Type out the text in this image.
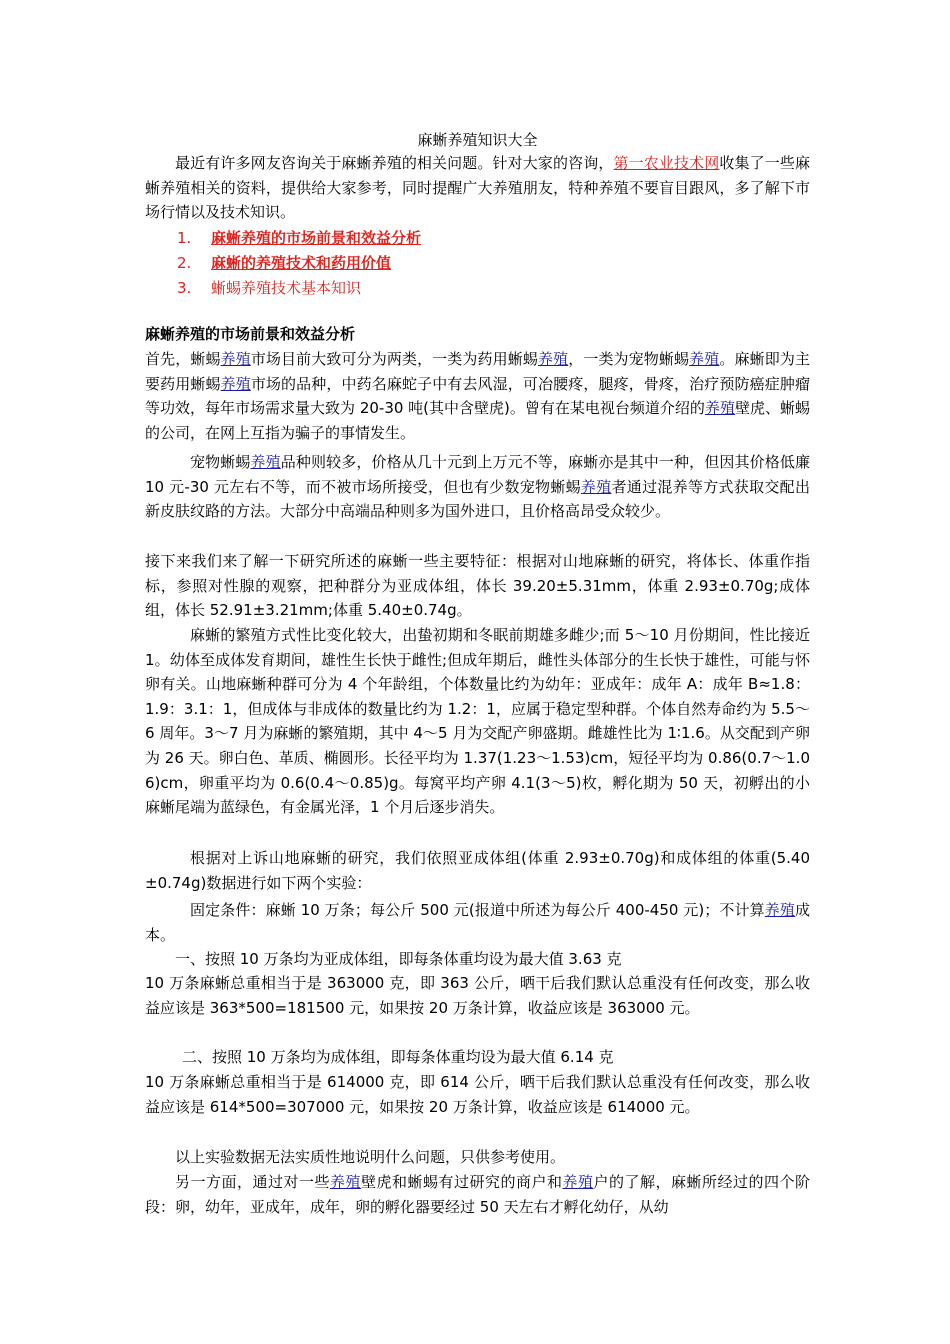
麻蜥养殖知识大全

最近有许多网友咨询关于麻蜥养殖的相关问题。针对大家的咨询，第一农业技术网收集了一些麻蜥养殖相关的资料，提供给大家参考，同时提醒广大养殖朋友，特种养殖不要盲目跟风，多了解下市场行情以及技术知识。

1. 麻蜥养殖的市场前景和效益分析
2. 麻蜥的养殖技术和药用价值
3. 蜥蜴养殖技术基本知识
麻蜥养殖的市场前景和效益分析

首先，蜥蜴养殖市场目前大致可分为两类，一类为药用蜥蜴养殖，一类为宠物蜥蜴养殖。麻蜥即为主要药用蜥蜴养殖市场的品种，中药名麻蛇子中有去风湿，可冶腰疼，腿疼，骨疼，治疗预防癌症肿瘤等功效，每年市场需求量大致为 20-30 吨(其中含壁虎)。曾有在某电视台频道介绍的养殖壁虎、蜥蜴的公司，在网上互指为骗子的事情发生。

宠物蜥蜴养殖品种则较多，价格从几十元到上万元不等，麻蜥亦是其中一种，但因其价格低廉 10 元-30 元左右不等，而不被市场所接受，但也有少数宠物蜥蜴养殖者通过混养等方式获取交配出新皮肤纹路的方法。大部分中高端品种则多为国外进口，且价格高昂受众较少。

接下来我们来了解一下研究所述的麻蜥一些主要特征：根据对山地麻蜥的研究，将体长、体重作指标，参照对性腺的观察，把种群分为亚成体组，体长 39.20±5.31mm，体重 2.93±0.70g;成体组，体长 52.91±3.21mm;体重 5.40±0.74g。
麻蜥的繁殖方式性比变化较大，出蛰初期和冬眠前期雄多雌少;而 5～10 月份期间，性比接近 1。幼体至成体发育期间，雄性生长快于雌性;但成年期后，雌性头体部分的生长快于雄性，可能与怀卵有关。山地麻蜥种群可分为 4 个年龄组，个体数量比约为幼年：亚成年：成年 A：成年 B≈1.8：1.9：3.1：1，但成体与非成体的数量比约为 1.2：1，应属于稳定型种群。个体自然寿命约为 5.5～6 周年。3～7 月为麻蜥的繁殖期，其中 4～5 月为交配产卵盛期。雌雄性比为 1∶1.6。从交配到产卵为 26 天。卵白色、革质、椭圆形。长径平均为 1.37(1.23～1.53)cm，短径平均为 0.86(0.7～1.06)cm，卵重平均为 0.6(0.4～0.85)g。每窝平均产卵 4.1(3～5)枚，孵化期为 50 天，初孵出的小麻蜥尾端为蓝绿色，有金属光泽，1 个月后逐步消失。
根据对上诉山地麻蜥的研究，我们依照亚成体组(体重 2.93±0.70g)和成体组的体重(5.40±0.74g)数据进行如下两个实验：

固定条件：麻蜥 10 万条；每公斤 500 元(报道中所述为每公斤 400-450 元)；不计算养殖成本。

一、按照 10 万条均为亚成体组，即每条体重均设为最大值 3.63 克
10 万条麻蜥总重相当于是 363000 克，即 363 公斤，晒干后我们默认总重没有任何改变，那么收益应该是 363*500=181500 元，如果按 20 万条计算，收益应该是 363000 元。
二、按照 10 万条均为成体组，即每条体重均设为最大值 6.14 克
10 万条麻蜥总重相当于是 614000 克，即 614 公斤，晒干后我们默认总重没有任何改变，那么收益应该是 614*500=307000 元，如果按 20 万条计算，收益应该是 614000 元。
以上实验数据无法实质性地说明什么问题，只供参考使用。

另一方面，通过对一些养殖壁虎和蜥蜴有过研究的商户和养殖户的了解，麻蜥所经过的四个阶段：卵，幼年，亚成年，成年，卵的孵化器要经过 50 天左右才孵化幼仔，从幼
